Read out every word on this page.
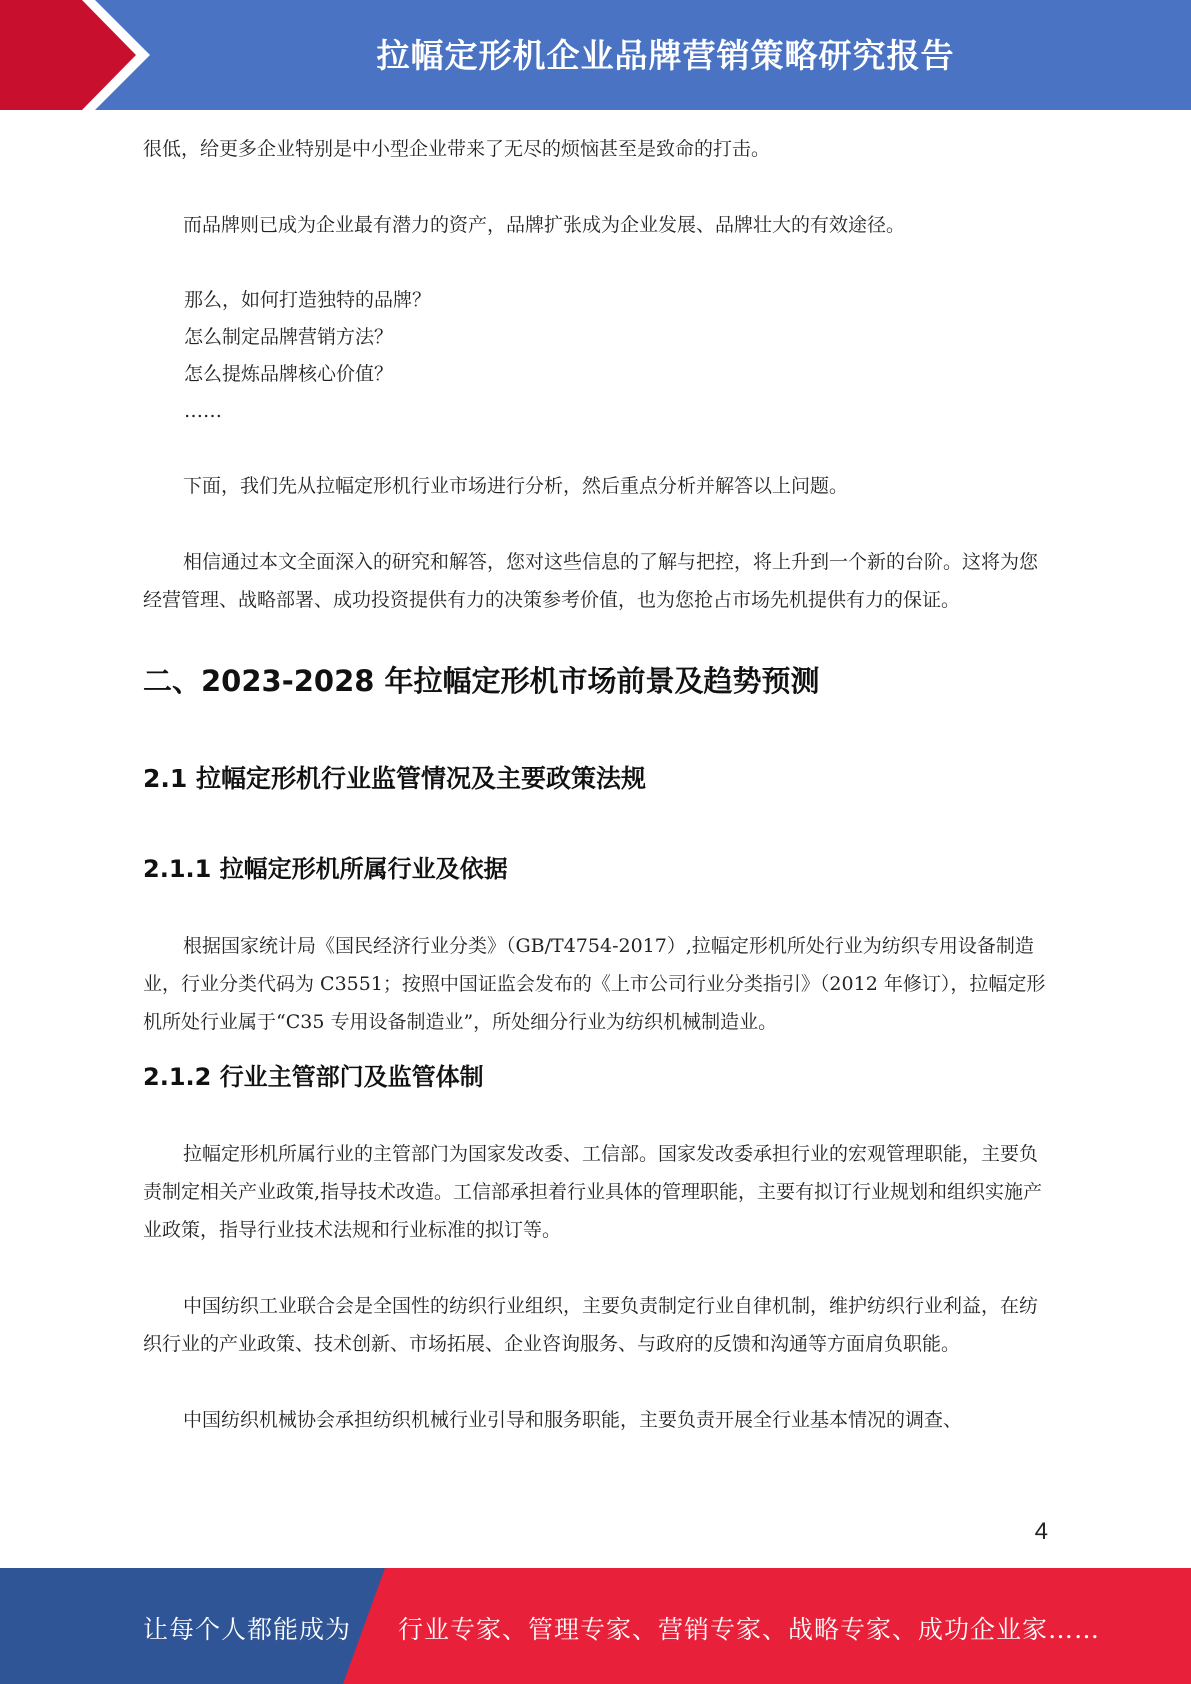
拉幅定形机企业品牌营销策略研究报告

很低，给更多企业特别是中小型企业带来了无尽的烦恼甚至是致命的打击。

而品牌则已成为企业最有潜力的资产，品牌扩张成为企业发展、品牌壮大的有效途径。

那么，如何打造独特的品牌？

怎么制定品牌营销方法？

怎么提炼品牌核心价值？

……

下面，我们先从拉幅定形机行业市场进行分析，然后重点分析并解答以上问题。

相信通过本文全面深入的研究和解答，您对这些信息的了解与把控，将上升到一个新的台阶。这将为您经营管理、战略部署、成功投资提供有力的决策参考价值，也为您抢占市场先机提供有力的保证。

二、2023-2028 年拉幅定形机市场前景及趋势预测
2.1 拉幅定形机行业监管情况及主要政策法规
2.1.1 拉幅定形机所属行业及依据

根据国家统计局《国民经济行业分类》（GB/T4754-2017）,拉幅定形机所处行业为纺织专用设备制造业，行业分类代码为 C3551；按照中国证监会发布的《上市公司行业分类指引》（2012 年修订），拉幅定形机所处行业属于“C35 专用设备制造业”，所处细分行业为纺织机械制造业。

2.1.2 行业主管部门及监管体制

拉幅定形机所属行业的主管部门为国家发改委、工信部。国家发改委承担行业的宏观管理职能，主要负责制定相关产业政策,指导技术改造。工信部承担着行业具体的管理职能，主要有拟订行业规划和组织实施产业政策，指导行业技术法规和行业标准的拟订等。

中国纺织工业联合会是全国性的纺织行业组织，主要负责制定行业自律机制，维护纺织行业利益，在纺织行业的产业政策、技术创新、市场拓展、企业咨询服务、与政府的反馈和沟通等方面肩负职能。

中国纺织机械协会承担纺织机械行业引导和服务职能，主要负责开展全行业基本情况的调查、

4
让每个人都能成为 行业专家、管理专家、营销专家、战略专家、成功企业家……
